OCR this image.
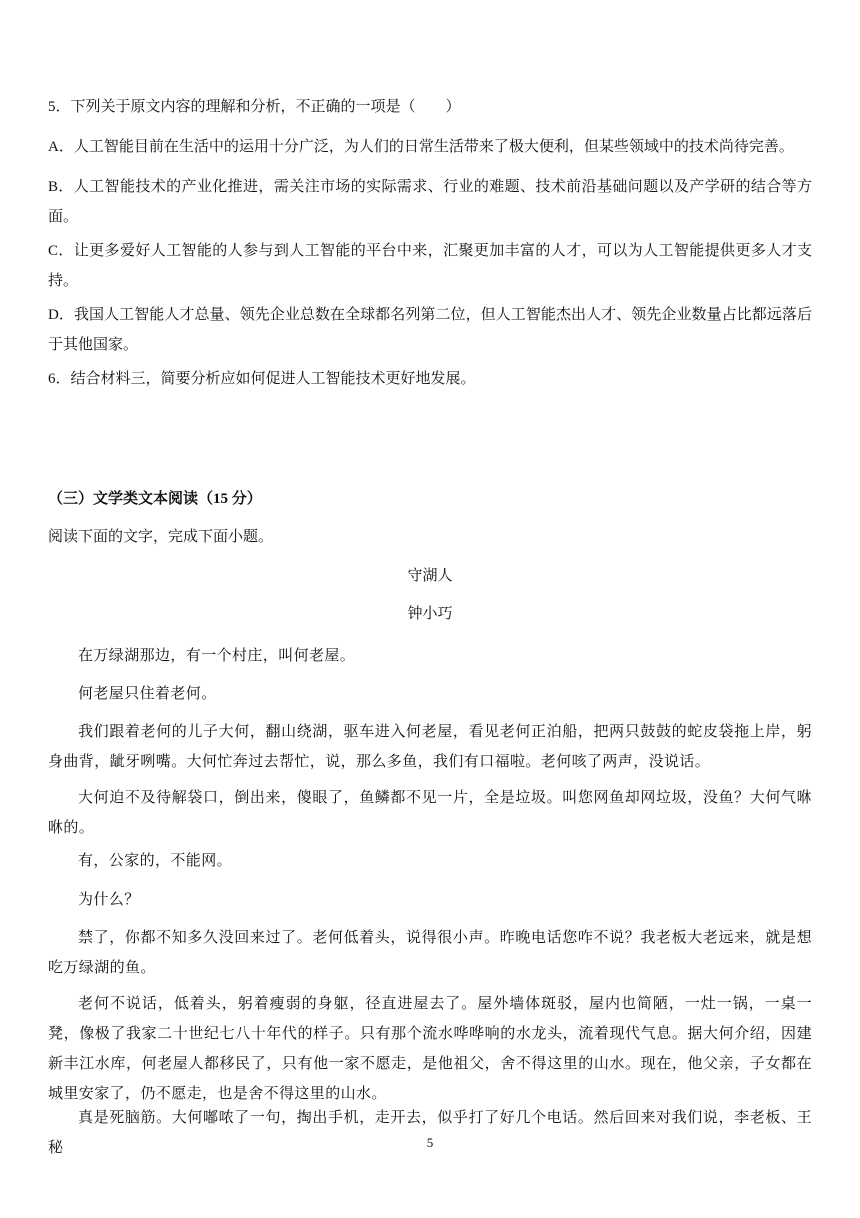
5．下列关于原文内容的理解和分析，不正确的一项是（　　）

A．人工智能目前在生活中的运用十分广泛，为人们的日常生活带来了极大便利，但某些领域中的技术尚待完善。

B．人工智能技术的产业化推进，需关注市场的实际需求、行业的难题、技术前沿基础问题以及产学研的结合等方面。

C．让更多爱好人工智能的人参与到人工智能的平台中来，汇聚更加丰富的人才，可以为人工智能提供更多人才支持。

D．我国人工智能人才总量、领先企业总数在全球都名列第二位，但人工智能杰出人才、领先企业数量占比都远落后于其他国家。

6．结合材料三，简要分析应如何促进人工智能技术更好地发展。

（三）文学类文本阅读（15 分）

阅读下面的文字，完成下面小题。

守湖人

钟小巧

在万绿湖那边，有一个村庄，叫何老屋。

何老屋只住着老何。

我们跟着老何的儿子大何，翻山绕湖，驱车进入何老屋，看见老何正泊船，把两只鼓鼓的蛇皮袋拖上岸，躬身曲背，龇牙咧嘴。大何忙奔过去帮忙，说，那么多鱼，我们有口福啦。老何咳了两声，没说话。

大何迫不及待解袋口，倒出来，傻眼了，鱼鳞都不见一片，全是垃圾。叫您网鱼却网垃圾，没鱼？大何气咻咻的。

有，公家的，不能网。

为什么？

禁了，你都不知多久没回来过了。老何低着头，说得很小声。昨晚电话您咋不说？我老板大老远来，就是想吃万绿湖的鱼。

老何不说话，低着头，躬着瘦弱的身躯，径直进屋去了。屋外墙体斑驳，屋内也简陋，一灶一锅，一桌一凳，像极了我家二十世纪七八十年代的样子。只有那个流水哗哗响的水龙头，流着现代气息。据大何介绍，因建新丰江水库，何老屋人都移民了，只有他一家不愿走，是他祖父，舍不得这里的山水。现在，他父亲，子女都在城里安家了，仍不愿走，也是舍不得这里的山水。

真是死脑筋。大何嘟哝了一句，掏出手机，走开去，似乎打了好几个电话。然后回来对我们说，李老板、王秘	5
